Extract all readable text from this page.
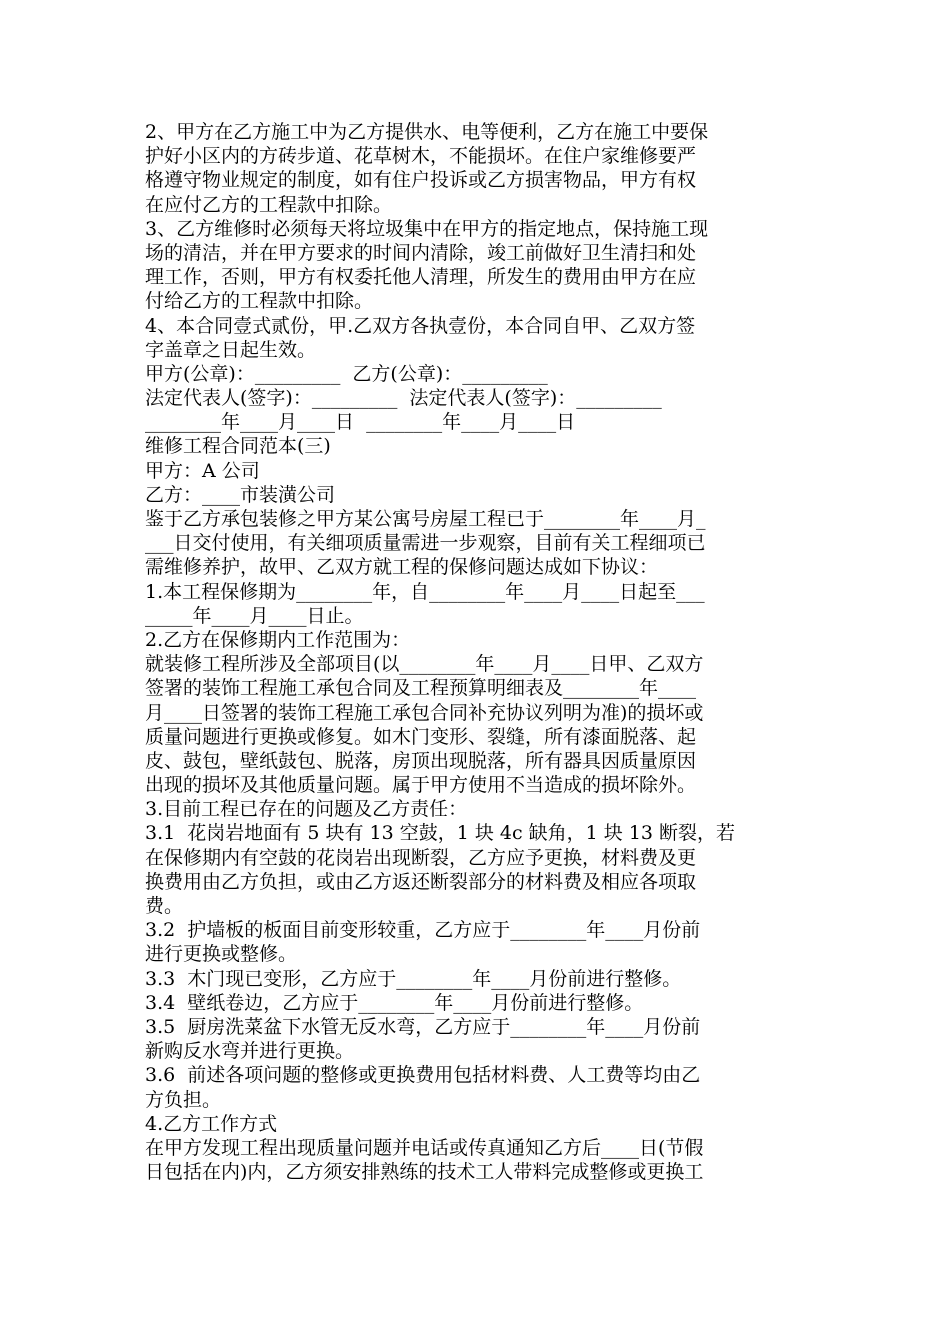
2、甲方在乙方施工中为乙方提供水、电等便利，乙方在施工中要保
护好小区内的方砖步道、花草树木，不能损坏。在住户家维修要严
格遵守物业规定的制度，如有住户投诉或乙方损害物品，甲方有权
在应付乙方的工程款中扣除。
3、乙方维修时必须每天将垃圾集中在甲方的指定地点，保持施工现
场的清洁，并在甲方要求的时间内清除，竣工前做好卫生清扫和处
理工作，否则，甲方有权委托他人清理，所发生的费用由甲方在应
付给乙方的工程款中扣除。
4、本合同壹式贰份，甲.乙双方各执壹份，本合同自甲、乙双方签
字盖章之日起生效。
甲方(公章)：_________  乙方(公章)：_________
法定代表人(签字)：_________  法定代表人(签字)：_________
________年____月____日  ________年____月____日
维修工程合同范本(三)
甲方：A 公司
乙方：____市装潢公司
鉴于乙方承包装修之甲方某公寓号房屋工程已于________年____月_
___日交付使用，有关细项质量需进一步观察，目前有关工程细项已
需维修养护，故甲、乙双方就工程的保修问题达成如下协议：
1.本工程保修期为________年，自________年____月____日起至___
_____年____月____日止。
2.乙方在保修期内工作范围为：
就装修工程所涉及全部项目(以________年____月____日甲、乙双方
签署的装饰工程施工承包合同及工程预算明细表及________年____
月____日签署的装饰工程施工承包合同补充协议列明为准)的损坏或
质量问题进行更换或修复。如木门变形、裂缝，所有漆面脱落、起
皮、鼓包，壁纸鼓包、脱落，房顶出现脱落，所有器具因质量原因
出现的损坏及其他质量问题。属于甲方使用不当造成的损坏除外。
3.目前工程已存在的问题及乙方责任：
3.1  花岗岩地面有 5 块有 13 空鼓，1 块 4c 缺角，1 块 13 断裂，若
在保修期内有空鼓的花岗岩出现断裂，乙方应予更换，材料费及更
换费用由乙方负担，或由乙方返还断裂部分的材料费及相应各项取
费。
3.2  护墙板的板面目前变形较重，乙方应于________年____月份前
进行更换或整修。
3.3  木门现已变形，乙方应于________年____月份前进行整修。
3.4  壁纸卷边，乙方应于________年____月份前进行整修。
3.5  厨房洗菜盆下水管无反水弯，乙方应于________年____月份前
新购反水弯并进行更换。
3.6  前述各项问题的整修或更换费用包括材料费、人工费等均由乙
方负担。
4.乙方工作方式
在甲方发现工程出现质量问题并电话或传真通知乙方后____日(节假
日包括在内)内，乙方须安排熟练的技术工人带料完成整修或更换工
